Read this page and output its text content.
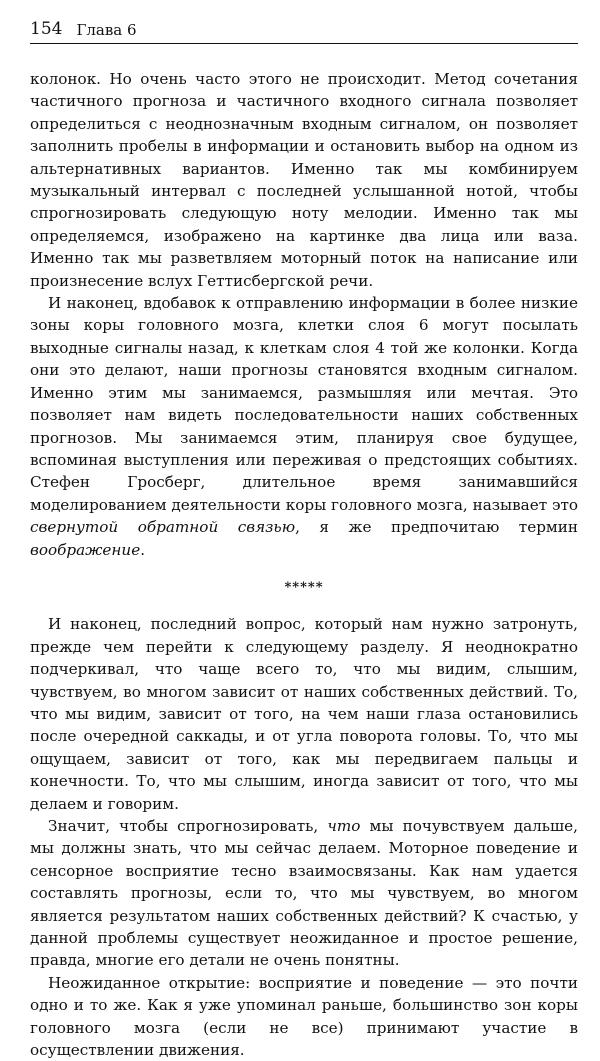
154 Глава 6

колонок. Но очень часто этого не происходит. Метод сочетания частичного прогноза и частичного входного сигнала позволяет определиться с неоднозначным входным сигналом, он позволяет заполнить пробелы в информации и остановить выбор на одном из альтернативных вариантов. Именно так мы комбинируем музыкальный интервал с последней услышанной нотой, чтобы спрогнозировать следующую ноту мелодии. Именно так мы определяемся, изображено на картинке два лица или ваза. Именно так мы разветвляем моторный поток на написание или произнесение вслух Геттисбергской речи.

И наконец, вдобавок к отправлению информации в более низкие зоны коры головного мозга, клетки слоя 6 могут посылать выходные сигналы назад, к клеткам слоя 4 той же колонки. Когда они это делают, наши прогнозы становятся входным сигналом. Именно этим мы занимаемся, размышляя или мечтая. Это позволяет нам видеть последовательности наших собственных прогнозов. Мы занимаемся этим, планируя свое будущее, вспоминая выступления или переживая о предстоящих событиях. Стефен Гросберг, длительное время занимавшийся моделированием деятельности коры головного мозга, называет это свернутой обратной связью, я же предпочитаю термин воображение.

*****

И наконец, последний вопрос, который нам нужно затронуть, прежде чем перейти к следующему разделу. Я неоднократно подчеркивал, что чаще всего то, что мы видим, слышим, чувствуем, во многом зависит от наших собственных действий. То, что мы видим, зависит от того, на чем наши глаза остановились после очередной саккады, и от угла поворота головы. То, что мы ощущаем, зависит от того, как мы передвигаем пальцы и конечности. То, что мы слышим, иногда зависит от того, что мы делаем и говорим.

Значит, чтобы спрогнозировать, что мы почувствуем дальше, мы должны знать, что мы сейчас делаем. Моторное поведение и сенсорное восприятие тесно взаимосвязаны. Как нам удается составлять прогнозы, если то, что мы чувствуем, во многом является результатом наших собственных действий? К счастью, у данной проблемы существует неожиданное и простое решение, правда, многие его детали не очень понятны.

Неожиданное открытие: восприятие и поведение — это почти одно и то же. Как я уже упоминал раньше, большинство зон коры головного мозга (если не все) принимают участие в осуществлении движения.
